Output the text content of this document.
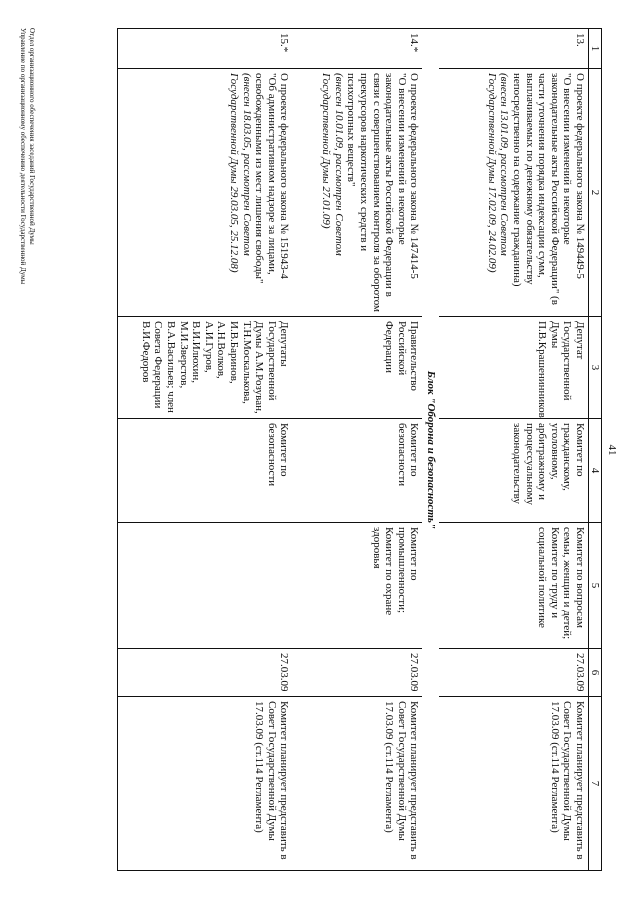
41
1	2	3	4	5	6	7
13.	О проекте федерального закона № 149449-5
"О внесении изменений в некоторые законодательные акты Российской Федерации" (в части уточнения порядка индексации сумм, выплачиваемых по денежному обязательству непосредственно на содержание гражданина)
(внесен 13.01.09, рассмотрен Советом Государственной Думы 17.02.09, 24.02.09)	Депутат Государственной Думы П.В.Крашенинников	Комитет по гражданскому, уголовному, арбитражному и процессуальному законодательству	Комитет по вопросам семьи, женщин и детей; Комитет по труду и социальной политике	27.03.09	Комитет планирует представить в Совет Государственной Думы 17.03.09 (ст.114 Регламента)
Блок "Оборона и безопасность"						
14.*	О проекте федерального закона № 147414-5
"О внесении изменений в некоторые законодательные акты Российской Федерации в связи с совершенствованием контроля за оборотом прекурсоров наркотических средств и психотропных веществ"
(внесен 10.01.09, рассмотрен Советом Государственной Думы 27.01.09)	Правительство Российской Федерации	Комитет по безопасности	Комитет по промышленности; Комитет по охране здоровья	27.03.09	Комитет планирует представить в Совет Государственной Думы 17.03.09 (ст.114 Регламента)
15.*	О проекте федерального закона № 151943-4
"Об административном надзоре за лицами, освобожденными из мест лишения свободы"
(внесен 18.03.05, рассмотрен Советом Государственной Думы 29.03.05, 25.12.08)	Депутаты Государственной Думы А.М.Розуван, Т.Н.Москалькова, И.В.Баринов, А.Н.Волков, А.И.Гуров, В.И.Илюхин, М.И.Зверстов, В.А.Васильев; член Совета Федерации В.И.Федоров	Комитет по безопасности		27.03.09	Комитет планирует представить в Совет Государственной Думы 17.03.09 (ст.114 Регламента)
Отдел организационного обеспечения заседаний Государственной Думы
Управление по организационному обеспечению деятельности Государственной Думы
